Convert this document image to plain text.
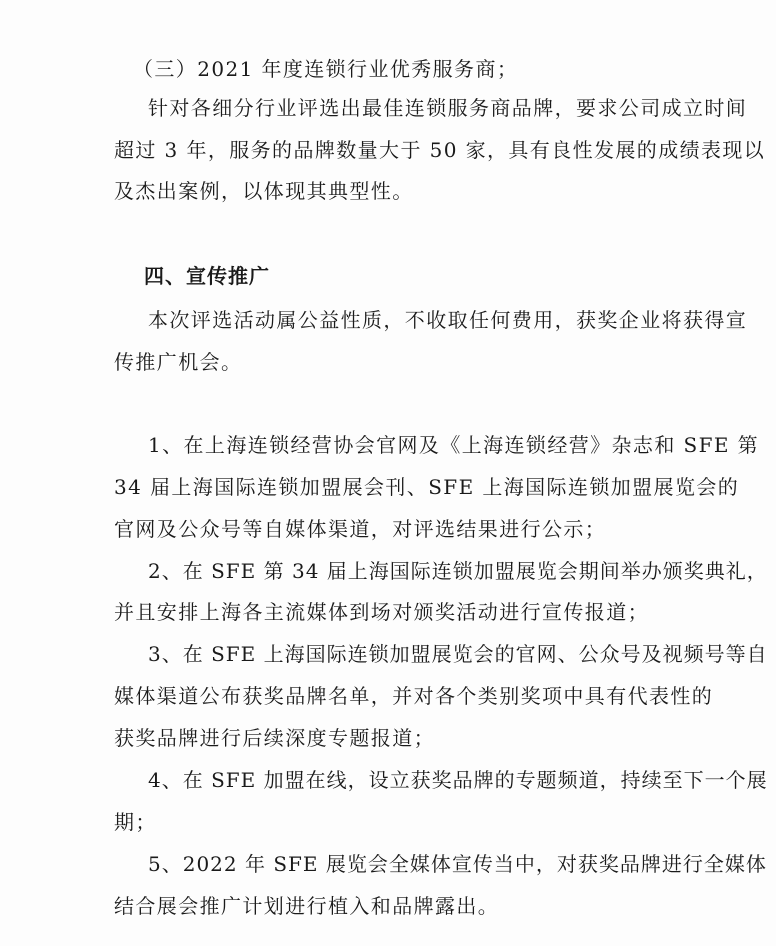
（三）2021 年度连锁行业优秀服务商；
针对各细分行业评选出最佳连锁服务商品牌，要求公司成立时间
超过 3 年，服务的品牌数量大于 50 家，具有良性发展的成绩表现以
及杰出案例，以体现其典型性。
四、宣传推广
本次评选活动属公益性质，不收取任何费用，获奖企业将获得宣
传推广机会。
1、在上海连锁经营协会官网及《上海连锁经营》杂志和 SFE 第
34 届上海国际连锁加盟展会刊、SFE 上海国际连锁加盟展览会的
官网及公众号等自媒体渠道，对评选结果进行公示；
2、在 SFE 第 34 届上海国际连锁加盟展览会期间举办颁奖典礼，
并且安排上海各主流媒体到场对颁奖活动进行宣传报道；
3、在 SFE 上海国际连锁加盟展览会的官网、公众号及视频号等自
媒体渠道公布获奖品牌名单，并对各个类别奖项中具有代表性的
获奖品牌进行后续深度专题报道；
4、在 SFE 加盟在线，设立获奖品牌的专题频道，持续至下一个展
期；
5、2022 年 SFE 展览会全媒体宣传当中，对获奖品牌进行全媒体
结合展会推广计划进行植入和品牌露出。
